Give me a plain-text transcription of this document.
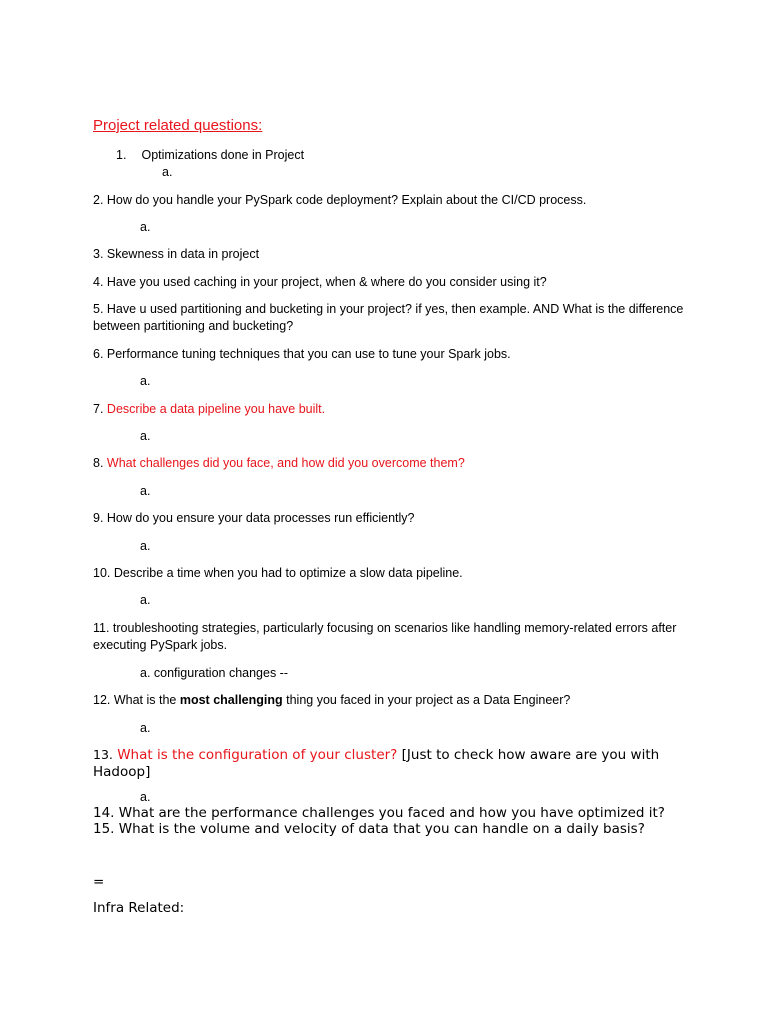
Project related questions:
1. Optimizations done in Project
a.
2. How do you handle your PySpark code deployment? Explain about the CI/CD process.
a.
3. Skewness in data in project
4. Have you used caching in your project, when & where do you consider using it?
5. Have u used partitioning and bucketing in your project? if yes, then example. AND What is the difference between partitioning and bucketing?
6. Performance tuning techniques that you can use to tune your Spark jobs.
a.
7. Describe a data pipeline you have built.
a.
8. What challenges did you face, and how did you overcome them?
a.
9. How do you ensure your data processes run efficiently?
a.
10. Describe a time when you had to optimize a slow data pipeline.
a.
11. troubleshooting strategies, particularly focusing on scenarios like handling memory-related errors after executing PySpark jobs.
a. configuration changes --
12. What is the most challenging thing you faced in your project as a Data Engineer?
a.
13. What is the configuration of your cluster? [Just to check how aware are you with Hadoop]
a.
14. What are the performance challenges you faced and how you have optimized it?
15. What is the volume and velocity of data that you can handle on a daily basis?
=
Infra Related:
